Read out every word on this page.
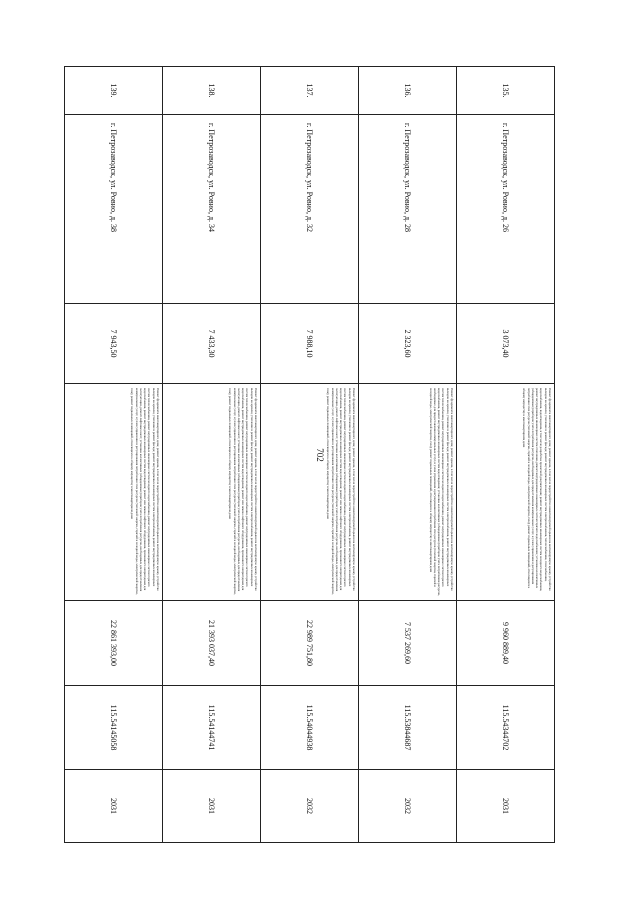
702
135.	г. Петрозаводск, ул. Ровио, д. 26	3 073,40	Ремонт фундамента многоквартирного дома; ремонт крыши, в том числе переустройство невентилируемой крыши на вентилируемую крышу, устройство выходов на кровлю; утепление и ремонт фасада; ремонт внутридомовых инженерных систем электроснабжения, теплоснабжения, газоснабжения, водоснабжения, водоотведения, в том числе разработка проектной документации; ремонт внутридомовых инженерных систем холодного водоснабжения, ремонт внутридомовых инженерных систем отопления, ремонт внутридомовых инженерных систем горячего водоснабжения; установка коллективных (общедомовых) приборов учета потребления ресурсов, необходимых для предоставления коммунальных услуг, и узлов управления и регулирования потребления этих ресурсов (тепловой энергии, горячей и холодной воды, электрической энергии, газа); ремонт подвальных помещений, относящихся к общему имуществу в многоквартирном доме	9 960 889,40	115.54344702	2031
136.	г. Петрозаводск, ул. Ровио, д. 28	2 323,60	Ремонт фундамента многоквартирного дома; ремонт крыши, в том числе переустройство невентилируемой крыши на вентилируемую крышу, устройство выходов на кровлю; утепление и ремонт фасада; ремонт внутридомовых инженерных систем электроснабжения, ремонт внутридомовых инженерных систем теплоснабжения, ремонт внутридомовых инженерных систем холодного водоснабжения, ремонт внутридомовых инженерных систем горячего водоснабжения, ремонт внутридомовых инженерных систем водоотведения; установка коллективных (общедомовых) приборов учета потребления ресурсов, необходимых для предоставления коммунальных услуг, и узлов управления и регулирования потребления этих ресурсов (тепловой энергии, горячей и холодной воды, электрической энергии, газа); ремонт подвальных помещений, относящихся к общему имуществу в многоквартирном доме	7 537 269,60	115.53844687	2032
137.	г. Петрозаводск, ул. Ровио, д. 32	7 988,10	Ремонт фундамента многоквартирного дома; ремонт крыши, в том числе переустройство невентилируемой крыши на вентилируемую крышу, устройство выходов на кровлю; утепление и ремонт фасада; ремонт внутридомовых инженерных систем электроснабжения, ремонт внутридомовых инженерных систем теплоснабжения, ремонт внутридомовых инженерных систем холодного водоснабжения, ремонт внутридомовых инженерных систем горячего водоснабжения, ремонт внутридомовых инженерных систем водоотведения; ремонт или замена лифтового оборудования, признанного непригодным для эксплуатации, ремонт лифтовых шахт; установка коллективных (общедомовых) приборов учета потребления ресурсов, необходимых для предоставления коммунальных услуг, и узлов управления и регулирования потребления этих ресурсов (тепловой энергии, горячей и холодной воды, электрической энергии, газа); ремонт подвальных помещений, относящихся к общему имуществу в многоквартирном доме	22 989 751,80	115.54044938	2032
138.	г. Петрозаводск, ул. Ровио, д. 34	7 433,30	Ремонт фундамента многоквартирного дома; ремонт крыши, в том числе переустройство невентилируемой крыши на вентилируемую крышу, устройство выходов на кровлю; утепление и ремонт фасада; ремонт внутридомовых инженерных систем электроснабжения, ремонт внутридомовых инженерных систем теплоснабжения, ремонт внутридомовых инженерных систем холодного водоснабжения, ремонт внутридомовых инженерных систем горячего водоснабжения, ремонт внутридомовых инженерных систем водоотведения; ремонт или замена лифтового оборудования, признанного непригодным для эксплуатации, ремонт лифтовых шахт; установка коллективных (общедомовых) приборов учета потребления ресурсов, необходимых для предоставления коммунальных услуг, и узлов управления и регулирования потребления этих ресурсов (тепловой энергии, горячей и холодной воды, электрической энергии, газа); ремонт подвальных помещений, относящихся к общему имуществу в многоквартирном доме	21 393 037,40	115.54144741	2031
139.	г. Петрозаводск, ул. Ровио, д. 38	7 943,50	Ремонт фундамента многоквартирного дома; ремонт крыши, в том числе переустройство невентилируемой крыши на вентилируемую крышу, устройство выходов на кровлю; утепление и ремонт фасада; ремонт внутридомовых инженерных систем электроснабжения, ремонт внутридомовых инженерных систем теплоснабжения, ремонт внутридомовых инженерных систем холодного водоснабжения, ремонт внутридомовых инженерных систем горячего водоснабжения, ремонт внутридомовых инженерных систем водоотведения; ремонт или замена лифтового оборудования, признанного непригодным для эксплуатации, ремонт лифтовых шахт; установка коллективных (общедомовых) приборов учета потребления ресурсов, необходимых для предоставления коммунальных услуг, и узлов управления и регулирования потребления этих ресурсов (тепловой энергии, горячей и холодной воды, электрической энергии, газа); ремонт подвальных помещений, относящихся к общему имуществу в многоквартирном доме	22 861 393,00	115.54145058	2031
